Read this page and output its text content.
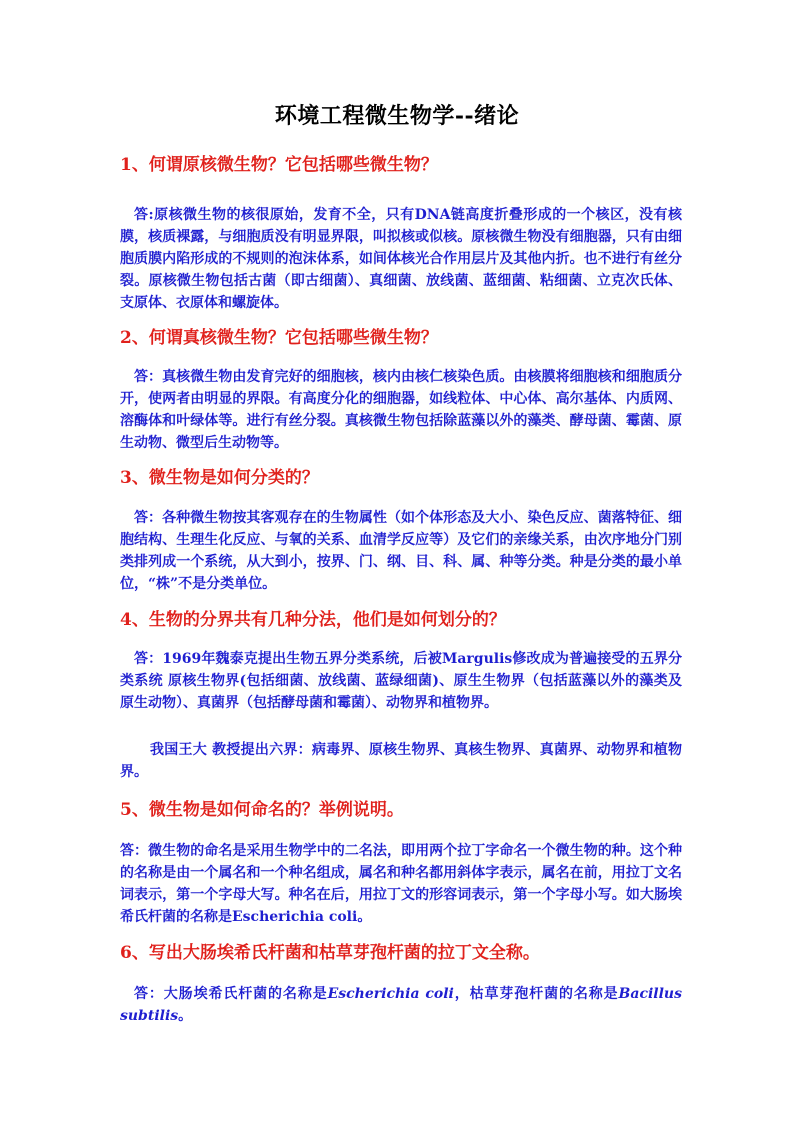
环境工程微生物学--绪论
1、何谓原核微生物？它包括哪些微生物？
答:原核微生物的核很原始，发育不全，只有DNA链高度折叠形成的一个核区，没有核膜，核质裸露，与细胞质没有明显界限，叫拟核或似核。原核微生物没有细胞器，只有由细胞质膜内陷形成的不规则的泡沫体系，如间体核光合作用层片及其他内折。也不进行有丝分裂。原核微生物包括古菌（即古细菌）、真细菌、放线菌、蓝细菌、粘细菌、立克次氏体、支原体、衣原体和螺旋体。
2、何谓真核微生物？它包括哪些微生物？
答：真核微生物由发育完好的细胞核，核内由核仁核染色质。由核膜将细胞核和细胞质分开，使两者由明显的界限。有高度分化的细胞器，如线粒体、中心体、高尔基体、内质网、溶酶体和叶绿体等。进行有丝分裂。真核微生物包括除蓝藻以外的藻类、酵母菌、霉菌、原生动物、微型后生动物等。
3、微生物是如何分类的？
答：各种微生物按其客观存在的生物属性（如个体形态及大小、染色反应、菌落特征、细胞结构、生理生化反应、与氧的关系、血清学反应等）及它们的亲缘关系，由次序地分门别类排列成一个系统，从大到小，按界、门、纲、目、科、属、种等分类。种是分类的最小单位，“株”不是分类单位。
4、生物的分界共有几种分法，他们是如何划分的？
答：1969年魏泰克提出生物五界分类系统，后被Margulis修改成为普遍接受的五界分类系统 原核生物界(包括细菌、放线菌、蓝绿细菌)、原生生物界（包括蓝藻以外的藻类及原生动物）、真菌界（包括酵母菌和霉菌）、动物界和植物界。
我国王大 教授提出六界：病毒界、原核生物界、真核生物界、真菌界、动物界和植物界。
5、微生物是如何命名的？举例说明。
答：微生物的命名是采用生物学中的二名法，即用两个拉丁字命名一个微生物的种。这个种的名称是由一个属名和一个种名组成，属名和种名都用斜体字表示，属名在前，用拉丁文名词表示，第一个字母大写。种名在后，用拉丁文的形容词表示，第一个字母小写。如大肠埃希氏杆菌的名称是Escherichia coli。
6、写出大肠埃希氏杆菌和枯草芽孢杆菌的拉丁文全称。
答：大肠埃希氏杆菌的名称是Escherichia coli，枯草芽孢杆菌的名称是Bacillus subtilis。
